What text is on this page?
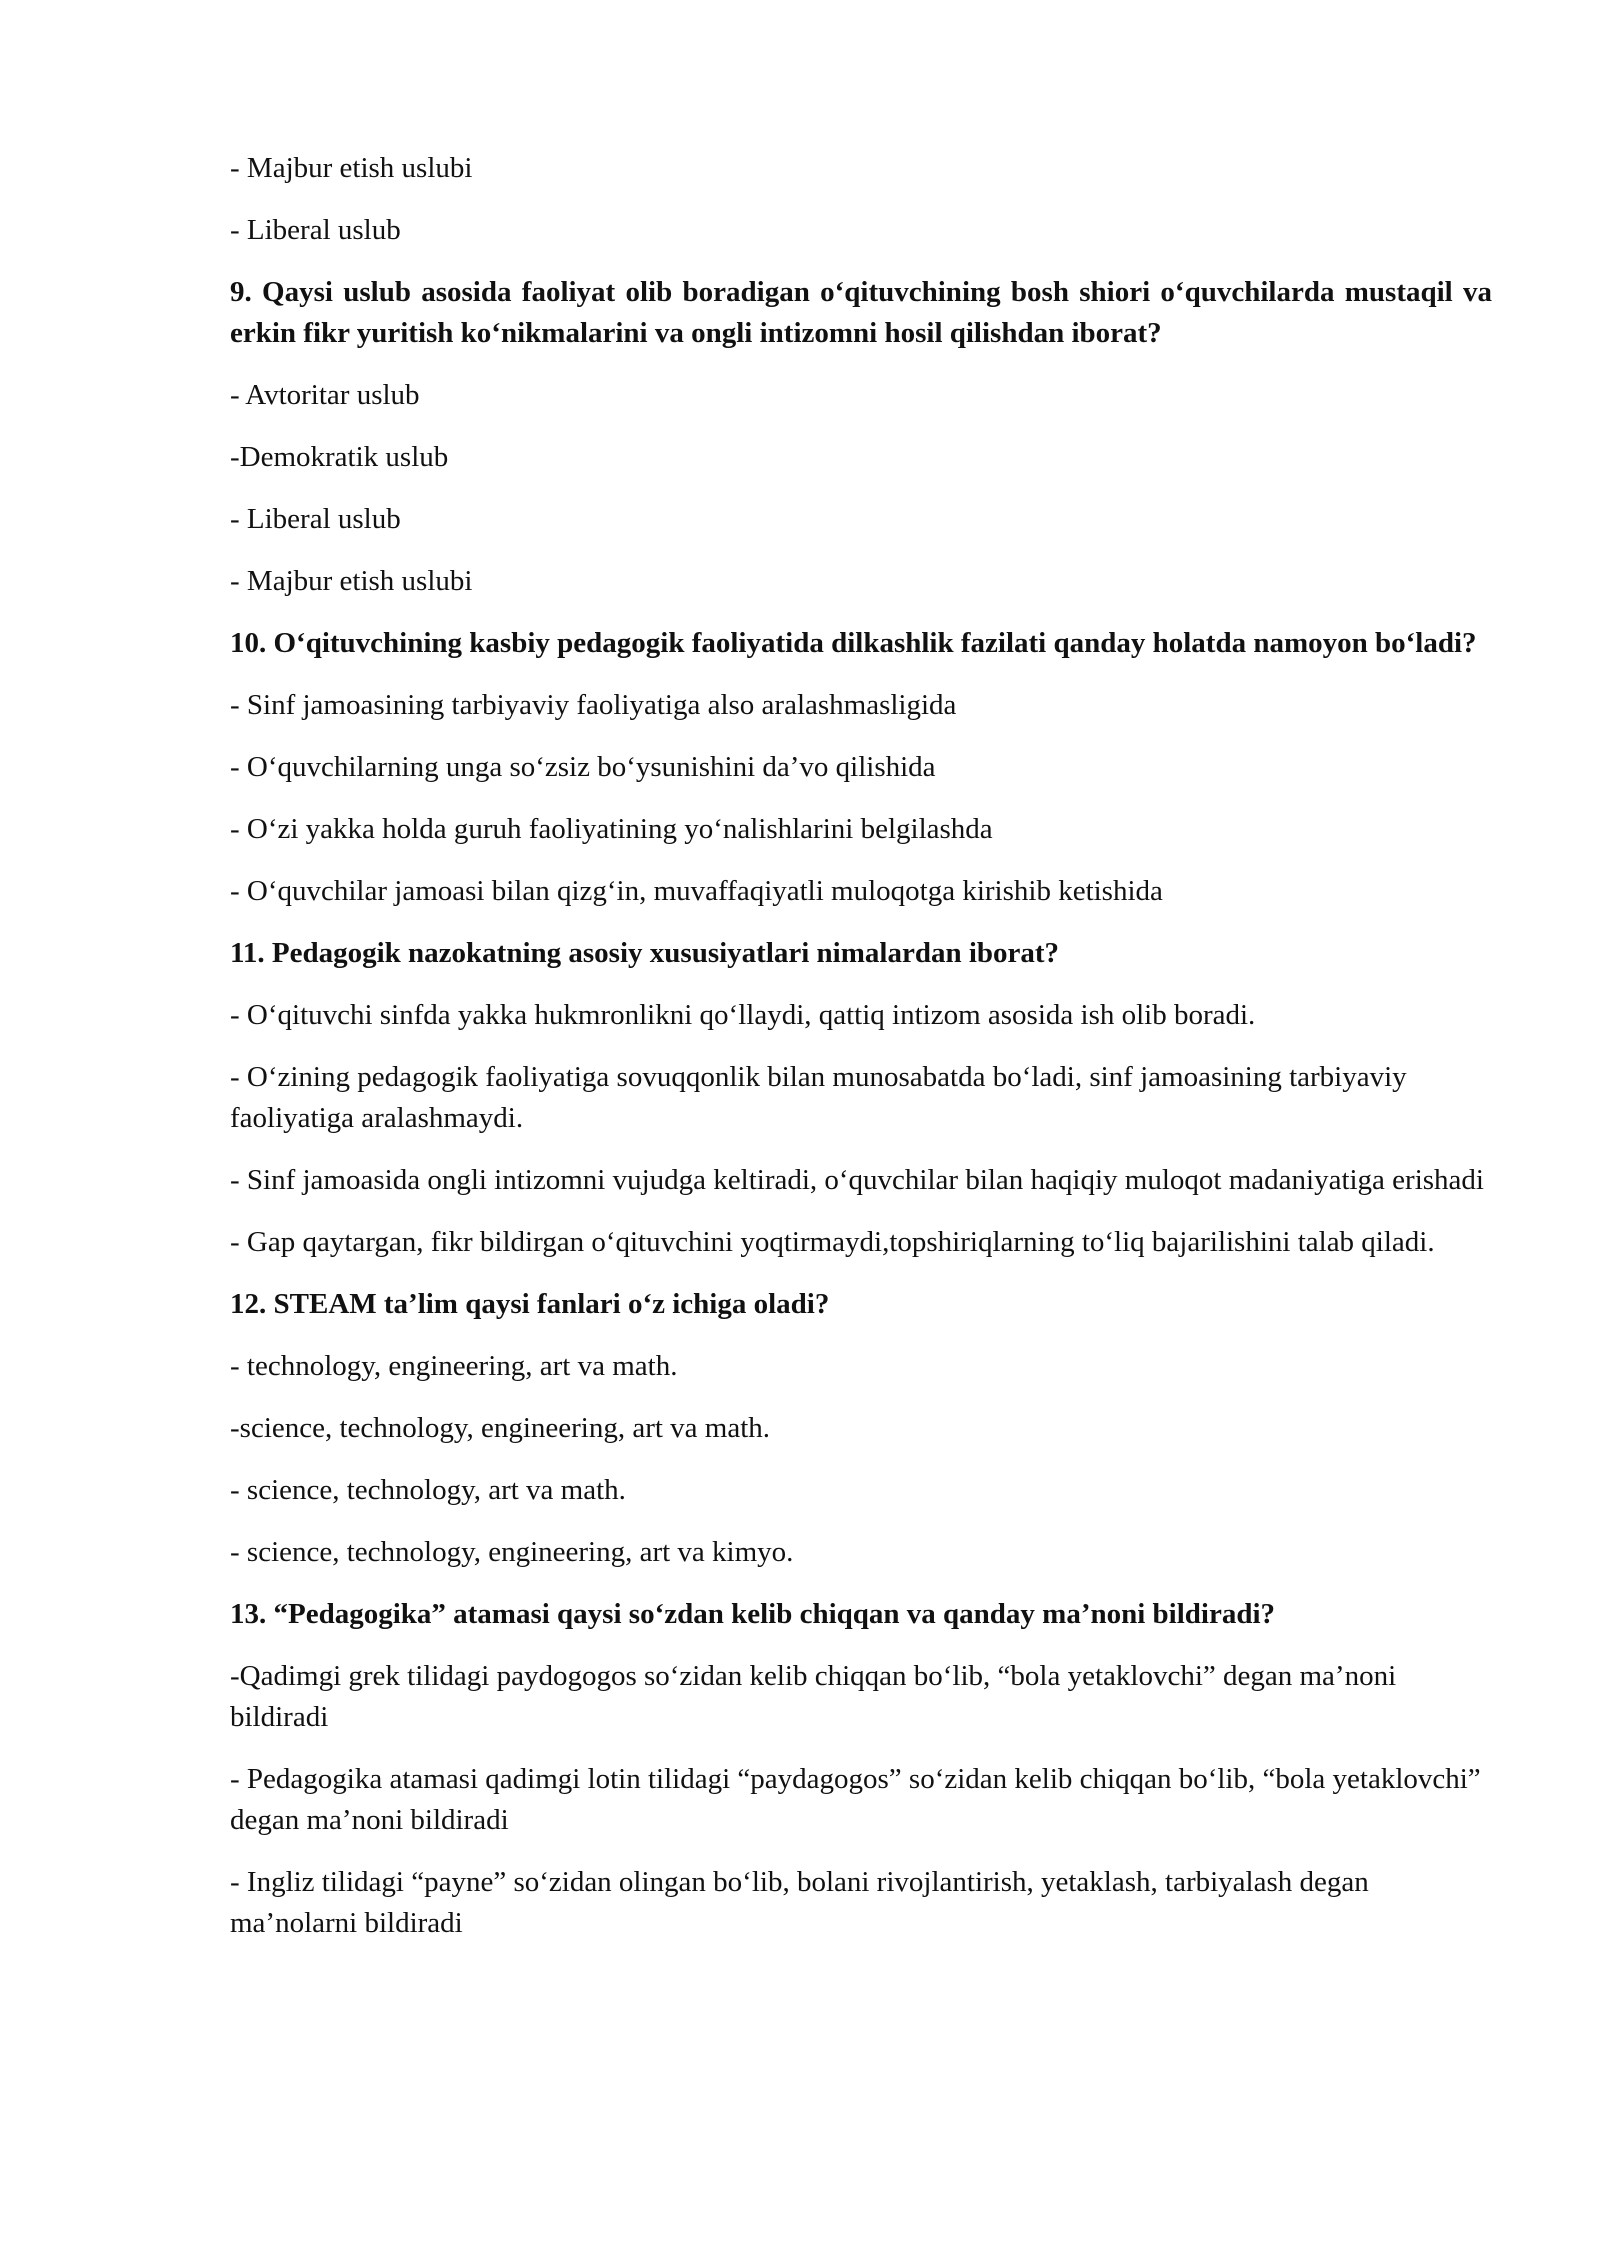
- Majbur etish uslubi

- Liberal uslub

9. Qaysi uslub asosida faoliyat olib boradigan o‘qituvchining bosh shiori o‘quvchilarda mustaqil va erkin fikr yuritish ko‘nikmalarini va ongli intizomni hosil qilishdan iborat?

- Avtoritar uslub

-Demokratik uslub

- Liberal uslub

- Majbur etish uslubi

10. O‘qituvchining kasbiy pedagogik faoliyatida dilkashlik fazilati qanday holatda namoyon bo‘ladi?

- Sinf jamoasining tarbiyaviy faoliyatiga also aralashmasligida

- O‘quvchilarning unga so‘zsiz bo‘ysunishini da’vo qilishida

- O‘zi yakka holda guruh faoliyatining yo‘nalishlarini belgilashda

- O‘quvchilar jamoasi bilan qizg‘in, muvaffaqiyatli muloqotga kirishib ketishida

11. Pedagogik nazokatning asosiy xususiyatlari nimalardan iborat?

- O‘qituvchi sinfda yakka hukmronlikni qo‘llaydi, qattiq intizom asosida ish olib boradi.

- O‘zining pedagogik faoliyatiga sovuqqonlik bilan munosabatda bo‘ladi, sinf jamoasining tarbiyaviy faoliyatiga aralashmaydi.

- Sinf jamoasida ongli intizomni vujudga keltiradi, o‘quvchilar bilan haqiqiy muloqot madaniyatiga erishadi

- Gap qaytargan, fikr bildirgan o‘qituvchini yoqtirmaydi,topshiriqlarning to‘liq bajarilishini talab qiladi.

12. STEAM ta’lim qaysi fanlari o‘z ichiga oladi?

- technology, engineering, art va math.

-science, technology, engineering, art va math.

- science, technology, art va math.

- science, technology, engineering, art va kimyo.

13. “Pedagogika” atamasi qaysi so‘zdan kelib chiqqan va qanday ma’noni bildiradi?

-Qadimgi grek tilidagi paydogogos so‘zidan kelib chiqqan bo‘lib, “bola yetaklovchi” degan ma’noni bildiradi

- Pedagogika atamasi qadimgi lotin tilidagi “paydagogos” so‘zidan kelib chiqqan bo‘lib, “bola yetaklovchi” degan ma’noni bildiradi

- Ingliz tilidagi “payne” so‘zidan olingan bo‘lib, bolani rivojlantirish, yetaklash, tarbiyalash degan ma’nolarni bildiradi
